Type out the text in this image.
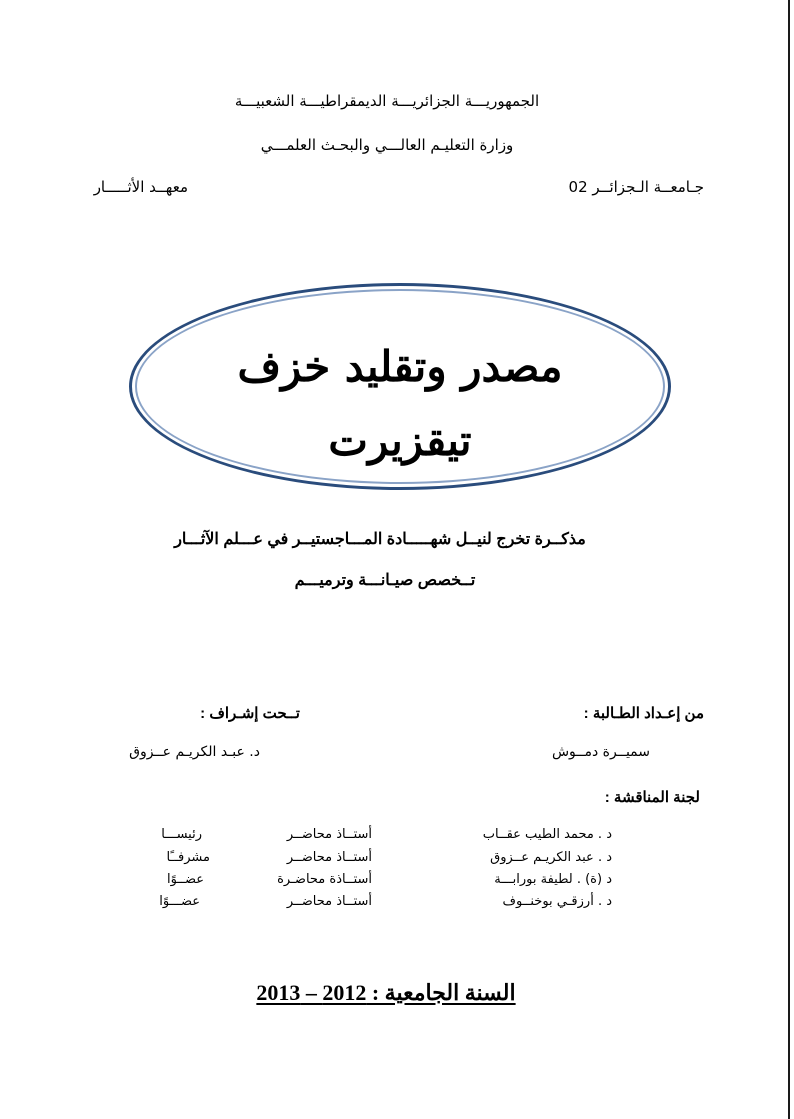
الجمهوريـــة الجزائريـــة الديمقراطيـــة الشعبيـــة
وزارة التعليـم العالـــي والبحـث العلمـــي
جـامعــة الـجزائــر 02
معهــد الأثـــــار
مصدر وتقليد خزف
تيقزيرت
مذكــرة تخرج لنيــل شهـــــادة المـــاجستيــر في عـــلم الآثـــار
تــخصص صيـانـــة وترميـــم
من إعـداد الطـالبة :
تــحت إشـراف :
سميــرة دمــوش
د. عبـد الكريـم عــزوق
لجنة المناقشة :
د . محمد الطيب عقــاب
أستــاذ محاضــر
رئيســـا
د . عبد الكريـم عــزوق
أستــاذ محاضــر
مشرفــًا
د (ة) . لطيفة بورابـــة
أستــاذة محاضـرة
عضــوًا
د . أرزقـي بوخنــوف
أستــاذ محاضــر
عضـــوًا
السنة الجامعية : 2012 – 2013
